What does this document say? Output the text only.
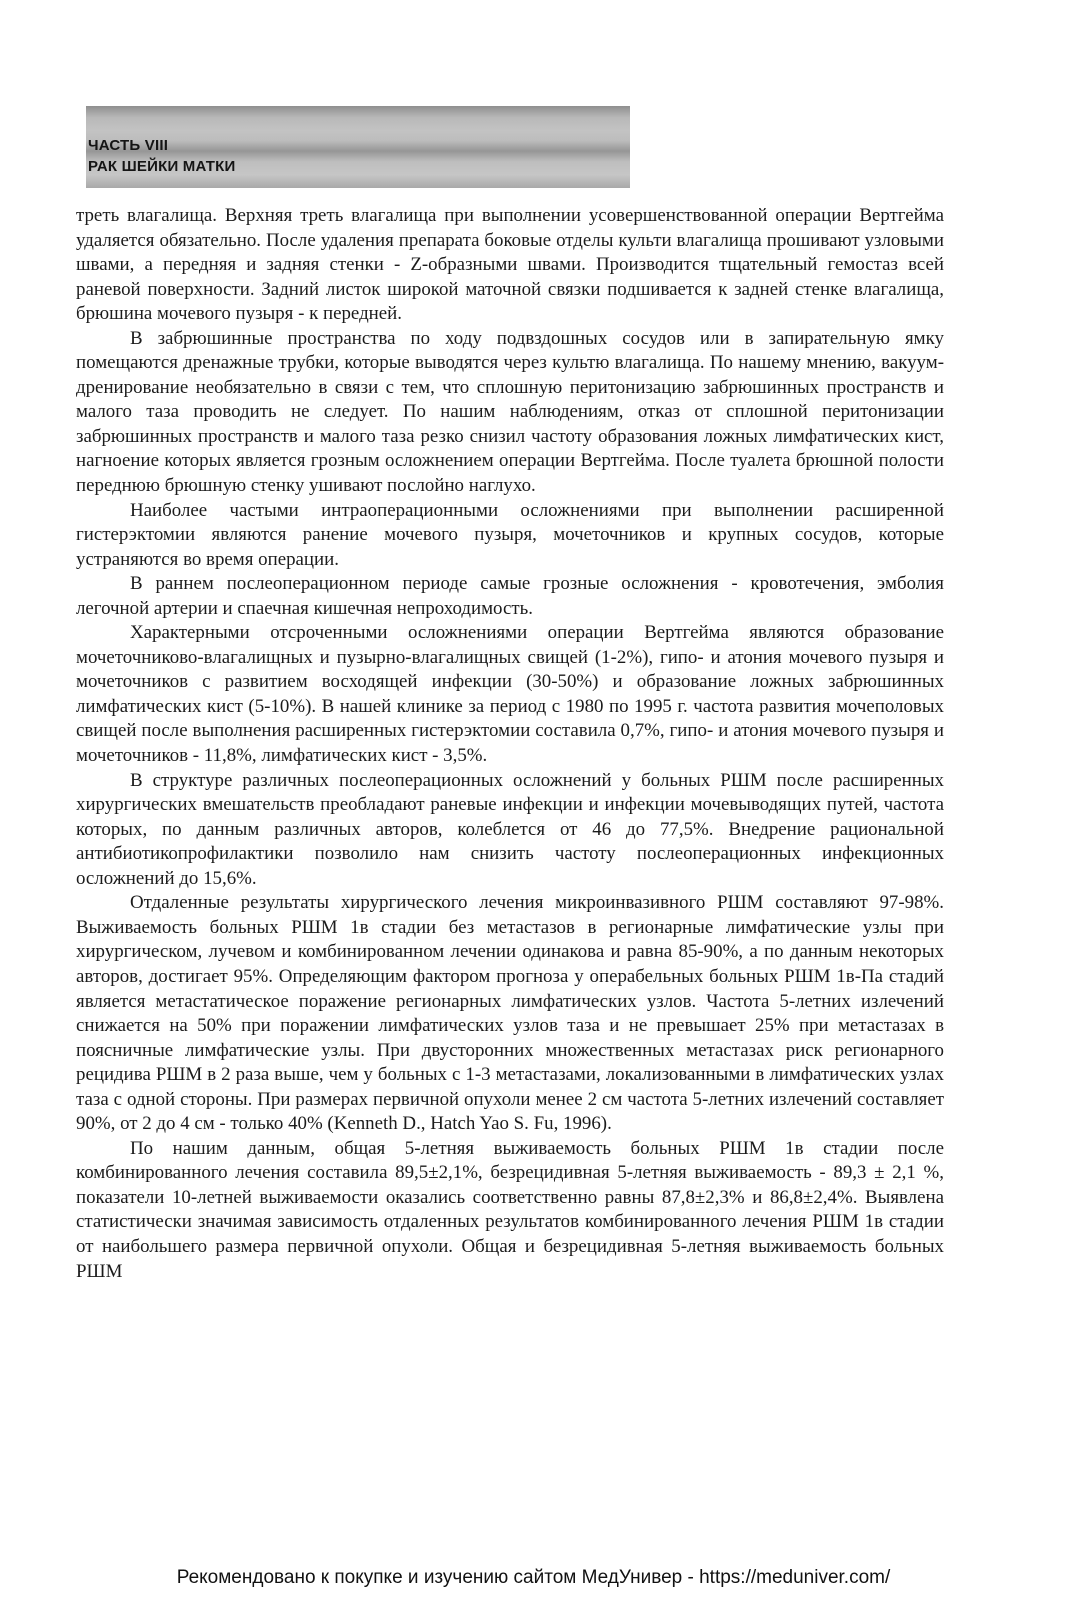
ЧАСТЬ VIII

РАК ШЕЙКИ МАТКИ

треть влагалища. Верхняя треть влагалища при выполнении усовершенствованной операции Вертгейма удаляется обязательно. После удаления препарата боковые отделы культи влагалища прошивают узловыми швами, а передняя и задняя стенки - Z-образными швами. Производится тщательный гемостаз всей раневой поверхности. Задний листок широкой маточной связки подшивается к задней стенке влагалища, брюшина мочевого пузыря - к передней.

В забрюшинные пространства по ходу подвздошных сосудов или в запирательную ямку помещаются дренажные трубки, которые выводятся через культю влагалища. По нашему мнению, вакуум-дренирование необязательно в связи с тем, что сплошную перитонизацию забрюшинных пространств и малого таза проводить не следует. По нашим наблюдениям, отказ от сплошной перитонизации забрюшинных пространств и малого таза резко снизил частоту образования ложных лимфатических кист, нагноение которых является грозным осложнением операции Вертгейма. После туалета брюшной полости переднюю брюшную стенку ушивают послойно наглухо.

Наиболее частыми интраоперационными осложнениями при выполнении расширенной гистерэктомии являются ранение мочевого пузыря, мочеточников и крупных сосудов, которые устраняются во время операции.

В раннем послеоперационном периоде самые грозные осложнения - кровотечения, эмболия легочной артерии и спаечная кишечная непроходимость.

Характерными отсроченными осложнениями операции Вертгейма являются образование мочеточниково-влагалищных и пузырно-влагалищных свищей (1-2%), гипо- и атония мочевого пузыря и мочеточников с развитием восходящей инфекции (30-50%) и образование ложных забрюшинных лимфатических кист (5-10%). В нашей клинике за период с 1980 по 1995 г. частота развития мочеполовых свищей после выполнения расширенных гистерэктомии составила 0,7%, гипо- и атония мочевого пузыря и мочеточников - 11,8%, лимфатических кист - 3,5%.

В структуре различных послеоперационных осложнений у больных РШМ после расширенных хирургических вмешательств преобладают раневые инфекции и инфекции мочевыводящих путей, частота которых, по данным различных авторов, колеблется от 46 до 77,5%. Внедрение рациональной антибиотикопрофилактики позволило нам снизить частоту послеоперационных инфекционных осложнений до 15,6%.

Отдаленные результаты хирургического лечения микроинвазивного РШМ составляют 97-98%. Выживаемость больных РШМ 1в стадии без метастазов в регионарные лимфатические узлы при хирургическом, лучевом и комбинированном лечении одинакова и равна 85-90%, а по данным некоторых авторов, достигает 95%. Определяющим фактором прогноза у операбельных больных РШМ 1в-Па стадий является метастатическое поражение регионарных лимфатических узлов. Частота 5-летних излечений снижается на 50% при поражении лимфатических узлов таза и не превышает 25% при метастазах в поясничные лимфатические узлы. При двусторонних множественных метастазах риск регионарного рецидива РШМ в 2 раза выше, чем у больных с 1-3 метастазами, локализованными в лимфатических узлах таза с одной стороны. При размерах первичной опухоли менее 2 см частота 5-летних излечений составляет 90%, от 2 до 4 см - только 40% (Kenneth D., Hatch Yao S. Fu, 1996).

По нашим данным, общая 5-летняя выживаемость больных РШМ 1в стадии после комбинированного лечения составила 89,5±2,1%, безрецидивная 5-летняя выживаемость - 89,3 ± 2,1 %, показатели 10-летней выживаемости оказались соответственно равны 87,8±2,3% и 86,8±2,4%. Выявлена статистически значимая зависимость отдаленных результатов комбинированного лечения РШМ 1в стадии от наибольшего размера первичной опухоли. Общая и безрецидивная 5-летняя выживаемость больных РШМ

Рекомендовано к покупке и изучению сайтом МедУнивер - https://meduniver.com/
